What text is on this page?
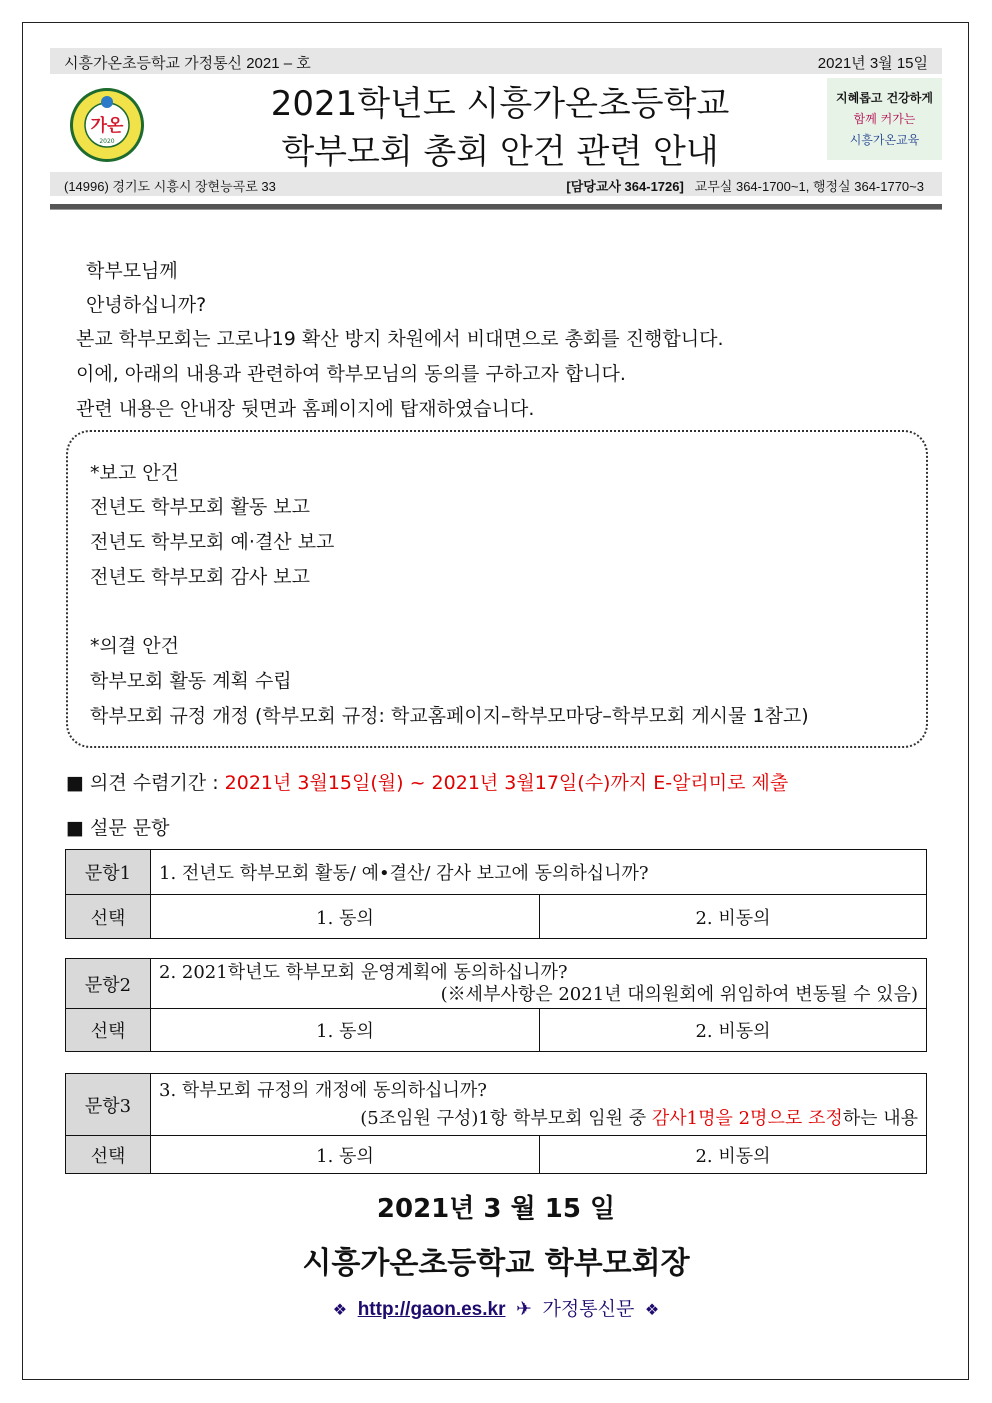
시흥가온초등학교 가정통신 2021 – 호	2021년 3월 15일
가온
2020
2021학년도 시흥가온초등학교
학부모회 총회 안건 관련 안내
지혜롭고 건강하게
함께 커가는
시흥가온교육
(14996) 경기도 시흥시 장현능곡로 33	[담당교사 364-1726] 교무실 364-1700~1, 행정실 364-1770~3
학부모님께
안녕하십니까?
본교 학부모회는 고로나19 확산 방지 차원에서 비대면으로 총회를 진행합니다.
이에, 아래의 내용과 관련하여 학부모님의 동의를 구하고자 합니다.
관련 내용은 안내장 뒷면과 홈페이지에 탑재하였습니다.
*보고 안건
전년도 학부모회 활동 보고
전년도 학부모회 예·결산 보고
전년도 학부모회 감사 보고
*의결 안건
학부모회 활동 계획 수립
학부모회 규정 개정 (학부모회 규정: 학교홈페이지–학부모마당–학부모회 게시물 1참고)
■ 의견 수렴기간 : 2021년 3월15일(월) ~ 2021년 3월17일(수)까지 E-알리미로 제출
■ 설문 문항
문항1	1. 전년도 학부모회 활동/ 예•결산/ 감사 보고에 동의하십니까?	
선택	1. 동의	2. 비동의
문항2	2. 2021학년도 학부모회 운영계획에 동의하십니까?
(※세부사항은 2021년 대의원회에 위임하여 변동될 수 있음)	

선택	1. 동의	2. 비동의
문항3	3. 학부모회 규정의 개정에 동의하십니까?
(5조임원 구성)1항 학부모회 임원 중 감사1명을 2명으로 조정하는 내용	

선택	1. 동의	2. 비동의
2021년 3 월 15 일
시흥가온초등학교 학부모회장
❖ http://gaon.es.kr ✈ 가정통신문 ❖
